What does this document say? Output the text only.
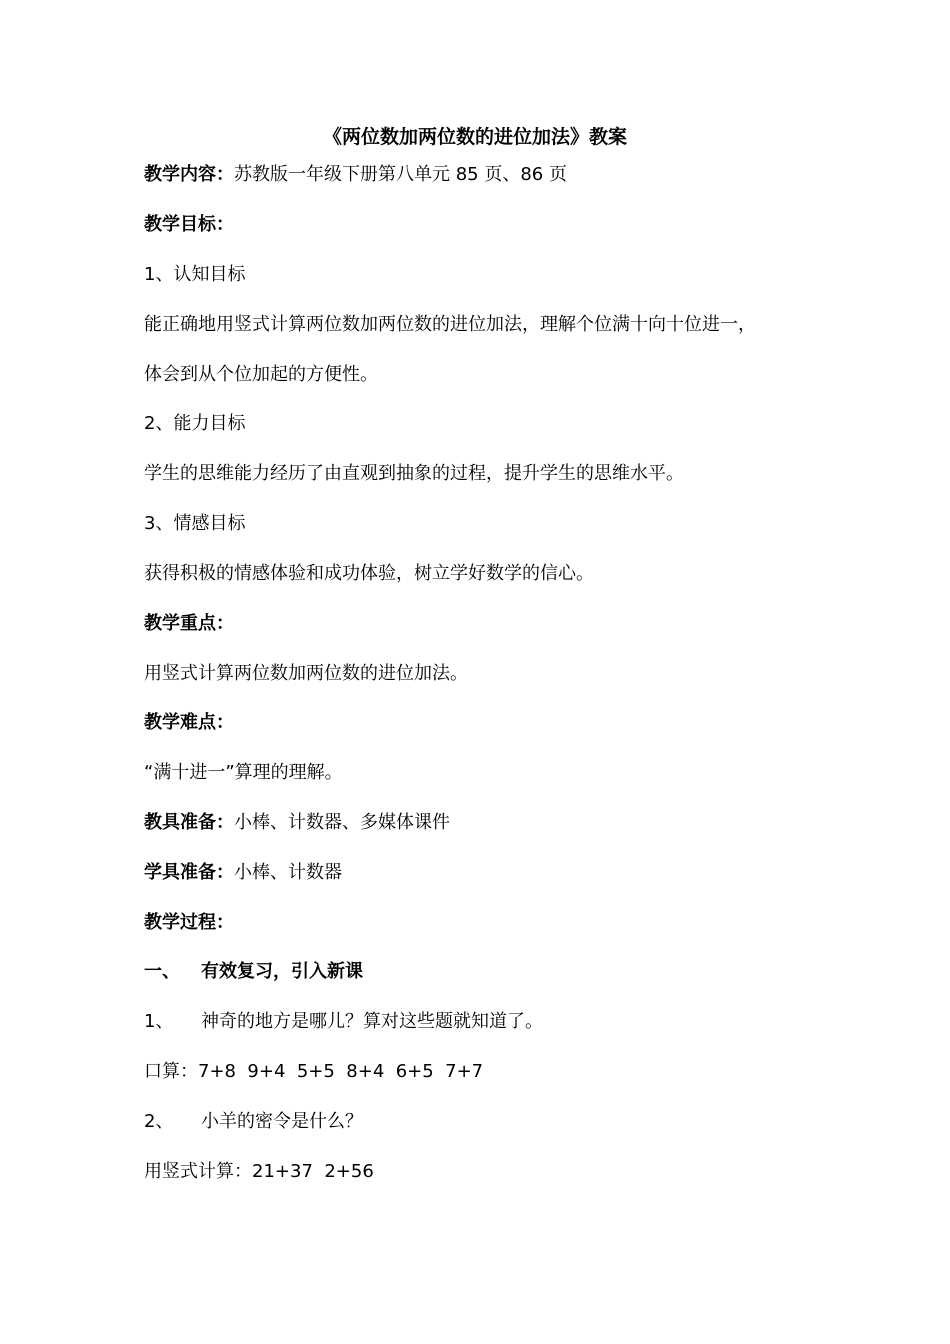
《两位数加两位数的进位加法》教案
教学内容：苏教版一年级下册第八单元 85 页、86 页
教学目标：
1、认知目标
能正确地用竖式计算两位数加两位数的进位加法，理解个位满十向十位进一，
体会到从个位加起的方便性。
2、能力目标
学生的思维能力经历了由直观到抽象的过程，提升学生的思维水平。
3、情感目标
获得积极的情感体验和成功体验，树立学好数学的信心。
教学重点：
用竖式计算两位数加两位数的进位加法。
教学难点：
“满十进一”算理的理解。
教具准备：小棒、计数器、多媒体课件
学具准备：小棒、计数器
教学过程：
一、 有效复习，引入新课
1、 神奇的地方是哪儿？算对这些题就知道了。
口算：7+8  9+4  5+5  8+4  6+5  7+7
2、 小羊的密令是什么？
用竖式计算：21+37  2+56
